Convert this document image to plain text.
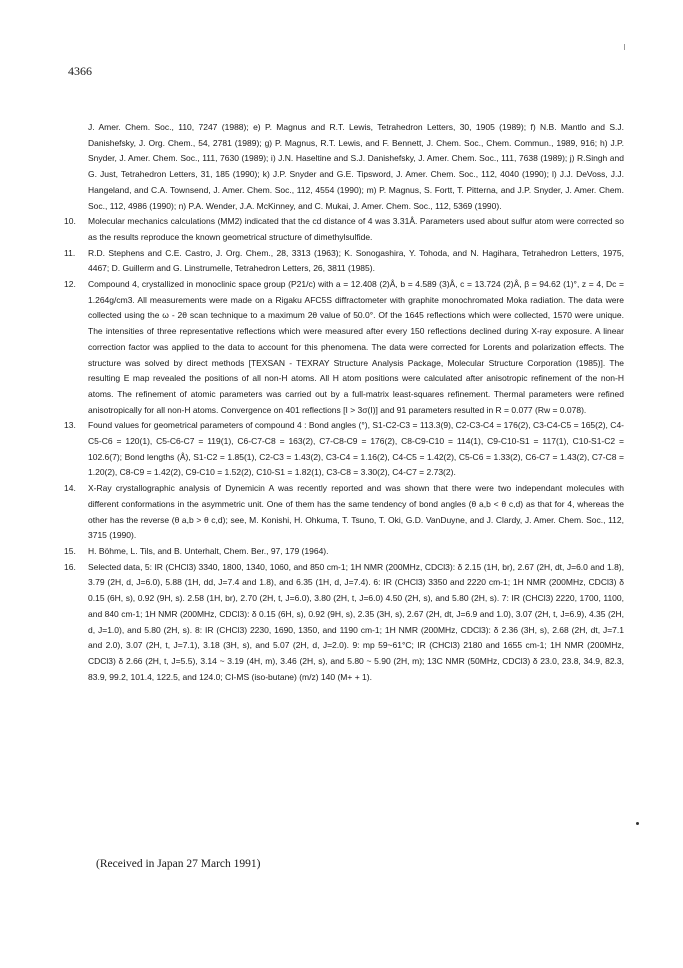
4366
J. Amer. Chem. Soc., 110, 7247 (1988); e) P. Magnus and R.T. Lewis, Tetrahedron Letters, 30, 1905 (1989); f) N.B. Mantlo and S.J. Danishefsky, J. Org. Chem., 54, 2781 (1989); g) P. Magnus, R.T. Lewis, and F. Bennett, J. Chem. Soc., Chem. Commun., 1989, 916; h) J.P. Snyder, J. Amer. Chem. Soc., 111, 7630 (1989); i) J.N. Haseltine and S.J. Danishefsky, J. Amer. Chem. Soc., 111, 7638 (1989); j) R.Singh and G. Just, Tetrahedron Letters, 31, 185 (1990); k) J.P. Snyder and G.E. Tipsword, J. Amer. Chem. Soc., 112, 4040 (1990); l) J.J. DeVoss, J.J. Hangeland, and C.A. Townsend, J. Amer. Chem. Soc., 112, 4554 (1990); m) P. Magnus, S. Fortt, T. Pitterna, and J.P. Snyder, J. Amer. Chem. Soc., 112, 4986 (1990); n) P.A. Wender, J.A. McKinney, and C. Mukai, J. Amer. Chem. Soc., 112, 5369 (1990).
10.	Molecular mechanics calculations (MM2) indicated that the cd distance of 4 was 3.31Å. Parameters used about sulfur atom were corrected so as the results reproduce the known geometrical structure of dimethylsulfide.
11.	R.D. Stephens and C.E. Castro, J. Org. Chem., 28, 3313 (1963); K. Sonogashira, Y. Tohoda, and N. Hagihara, Tetrahedron Letters, 1975, 4467; D. Guillerm and G. Linstrumelle, Tetrahedron Letters, 26, 3811 (1985).
12.	Compound 4, crystallized in monoclinic space group (P21/c) with a = 12.408 (2)Å, b = 4.589 (3)Å, c = 13.724 (2)Å, β = 94.62 (1)°, z = 4, Dc = 1.264g/cm3. All measurements were made on a Rigaku AFC5S diffractometer with graphite monochromated Moka radiation. The data were collected using the ω - 2θ scan technique to a maximum 2θ value of 50.0°. Of the 1645 reflections which were collected, 1570 were unique. The intensities of three representative reflections which were measured after every 150 reflections declined during X-ray exposure. A linear correction factor was applied to the data to account for this phenomena. The data were corrected for Lorents and polarization effects. The structure was solved by direct methods [TEXSAN - TEXRAY Structure Analysis Package, Molecular Structure Corporation (1985)]. The resulting E map revealed the positions of all non-H atoms. All H atom positions were calculated after anisotropic refinement of the non-H atoms. The refinement of atomic parameters was carried out by a full-matrix least-squares refinement. Thermal parameters were refined anisotropically for all non-H atoms. Convergence on 401 reflections [I > 3σ(I)] and 91 parameters resulted in R = 0.077 (Rw = 0.078).
13.	Found values for geometrical parameters of compound 4 : Bond angles (°), S1-C2-C3 = 113.3(9), C2-C3-C4 = 176(2), C3-C4-C5 = 165(2), C4-C5-C6 = 120(1), C5-C6-C7 = 119(1), C6-C7-C8 = 163(2), C7-C8-C9 = 176(2), C8-C9-C10 = 114(1), C9-C10-S1 = 117(1), C10-S1-C2 = 102.6(7); Bond lengths (Å), S1-C2 = 1.85(1), C2-C3 = 1.43(2), C3-C4 = 1.16(2), C4-C5 = 1.42(2), C5-C6 = 1.33(2), C6-C7 = 1.43(2), C7-C8 = 1.20(2), C8-C9 = 1.42(2), C9-C10 = 1.52(2), C10-S1 = 1.82(1), C3-C8 = 3.30(2), C4-C7 = 2.73(2).
14.	X-Ray crystallographic analysis of Dynemicin A was recently reported and was shown that there were two independant molecules with different conformations in the asymmetric unit. One of them has the same tendency of bond angles (θ a,b < θ c,d) as that for 4, whereas the other has the reverse (θ a,b > θ c,d); see, M. Konishi, H. Ohkuma, T. Tsuno, T. Oki, G.D. VanDuyne, and J. Clardy, J. Amer. Chem. Soc., 112, 3715 (1990).
15.	H. Böhme, L. Tils, and B. Unterhalt, Chem. Ber., 97, 179 (1964).
16.	Selected data, 5: IR (CHCl3) 3340, 1800, 1340, 1060, and 850 cm-1; 1H NMR (200MHz, CDCl3): δ 2.15 (1H, br), 2.67 (2H, dt, J=6.0 and 1.8), 3.79 (2H, d, J=6.0), 5.88 (1H, dd, J=7.4 and 1.8), and 6.35 (1H, d, J=7.4). 6: IR (CHCl3) 3350 and 2220 cm-1; 1H NMR (200MHz, CDCl3) δ 0.15 (6H, s), 0.92 (9H, s). 2.58 (1H, br), 2.70 (2H, t, J=6.0), 3.80 (2H, t, J=6.0) 4.50 (2H, s), and 5.80 (2H, s). 7: IR (CHCl3) 2220, 1700, 1100, and 840 cm-1; 1H NMR (200MHz, CDCl3): δ 0.15 (6H, s), 0.92 (9H, s), 2.35 (3H, s), 2.67 (2H, dt, J=6.9 and 1.0), 3.07 (2H, t, J=6.9), 4.35 (2H, d, J=1.0), and 5.80 (2H, s). 8: IR (CHCl3) 2230, 1690, 1350, and 1190 cm-1; 1H NMR (200MHz, CDCl3): δ 2.36 (3H, s), 2.68 (2H, dt, J=7.1 and 2.0), 3.07 (2H, t, J=7.1), 3.18 (3H, s), and 5.07 (2H, d, J=2.0). 9: mp 59~61°C; IR (CHCl3) 2180 and 1655 cm-1; 1H NMR (200MHz, CDCl3) δ 2.66 (2H, t, J=5.5), 3.14 ~ 3.19 (4H, m), 3.46 (2H, s), and 5.80 ~ 5.90 (2H, m); 13C NMR (50MHz, CDCl3) δ 23.0, 23.8, 34.9, 82.3, 83.9, 99.2, 101.4, 122.5, and 124.0; CI-MS (iso-butane) (m/z) 140 (M+ + 1).
(Received in Japan 27 March 1991)
